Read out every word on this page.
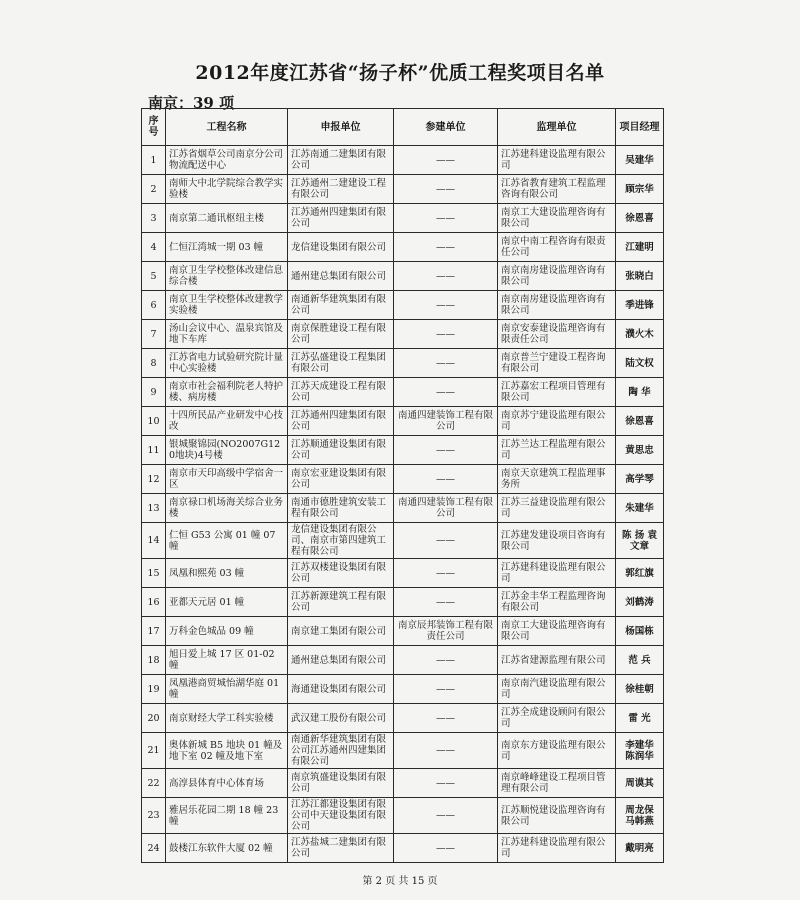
2012年度江苏省“扬子杯”优质工程奖项目名单
南京：39 项
序号	工程名称	申报单位	参建单位	监理单位	项目经理
1	江苏省烟草公司南京分公司物流配送中心	江苏南通二建集团有限公司	——	江苏建科建设监理有限公司	吴建华
2	南师大中北学院综合教学实验楼	江苏通州二建建设工程有限公司	——	江苏省教育建筑工程监理咨询有限公司	顾宗华
3	南京第二通讯枢纽主楼	江苏通州四建集团有限公司	——	南京工大建设监理咨询有限公司	徐恩喜
4	仁恒江湾城一期 03 幢	龙信建设集团有限公司	——	南京中南工程咨询有限责任公司	江建明
5	南京卫生学校整体改建信息综合楼	通州建总集团有限公司	——	南京南房建设监理咨询有限公司	张晓白
6	南京卫生学校整体改建教学实验楼	南通新华建筑集团有限公司	——	南京南房建设监理咨询有限公司	季进锋
7	汤山会议中心、温泉宾馆及地下车库	南京保胜建设工程有限公司	——	南京安泰建设监理咨询有限责任公司	濮火木
8	江苏省电力试验研究院计量中心实验楼	江苏弘盛建设工程集团有限公司	——	南京普兰宁建设工程咨询有限公司	陆文权
9	南京市社会福利院老人特护楼、病房楼	江苏天成建设工程有限公司	——	江苏嘉宏工程项目管理有限公司	陶 华
10	十四所民品产业研发中心技改	江苏通州四建集团有限公司	南通四建装饰工程有限公司	南京苏宁建设监理有限公司	徐恩喜
11	银城聚锦园(NO2007G120地块)4号楼	江苏顺通建设集团有限公司	——	江苏兰达工程监理有限公司	黄思忠
12	南京市天印高级中学宿舍一区	南京宏亚建设集团有限公司	——	南京天京建筑工程监理事务所	高学琴
13	南京禄口机场海关综合业务楼	南通市德胜建筑安装工程有限公司	南通四建装饰工程有限公司	江苏三益建设监理有限公司	朱建华
14	仁恒 G53 公寓 01 幢 07 幢	龙信建设集团有限公司、南京市第四建筑工程有限公司	——	江苏建发建设项目咨询有限公司	陈 扬 袁文章
15	凤凰和熙苑 03 幢	江苏双楼建设集团有限公司	——	江苏建科建设监理有限公司	郭红旗
16	亚都天元居 01 幢	江苏新源建筑工程有限公司	——	江苏金丰华工程监理咨询有限公司	刘鹤涛
17	万科金色城品 09 幢	南京建工集团有限公司	南京辰邦装饰工程有限责任公司	南京工大建设监理咨询有限公司	杨国栋
18	旭日爱上城 17 区 01-02 幢	通州建总集团有限公司	——	江苏省建源监理有限公司	范 兵
19	凤凰港商贸城怡湖华庭 01 幢	海通建设集团有限公司	——	南京南汽建设监理有限公司	徐桂朝
20	南京财经大学工科实验楼	武汉建工股份有限公司	——	江苏全成建设顾问有限公司	雷 光
21	奥体新城 B5 地块 01 幢及地下室 02 幢及地下室	南通新华建筑集团有限公司江苏通州四建集团有限公司	——	南京东方建设监理有限公司	李建华 陈润华
22	高淳县体育中心体育场	南京筑盛建设集团有限公司	——	南京峰峰建设工程项目管理有限公司	周谟其
23	雅居乐花园二期 18 幢 23 幢	江苏江都建设集团有限公司中天建设集团有限公司	——	江苏顺悦建设监理咨询有限公司	周龙保 马韩燕
24	鼓楼江东软件大厦 02 幢	江苏盐城二建集团有限公司	——	江苏建科建设监理有限公司	戴明亮
第 2 页 共 15 页
